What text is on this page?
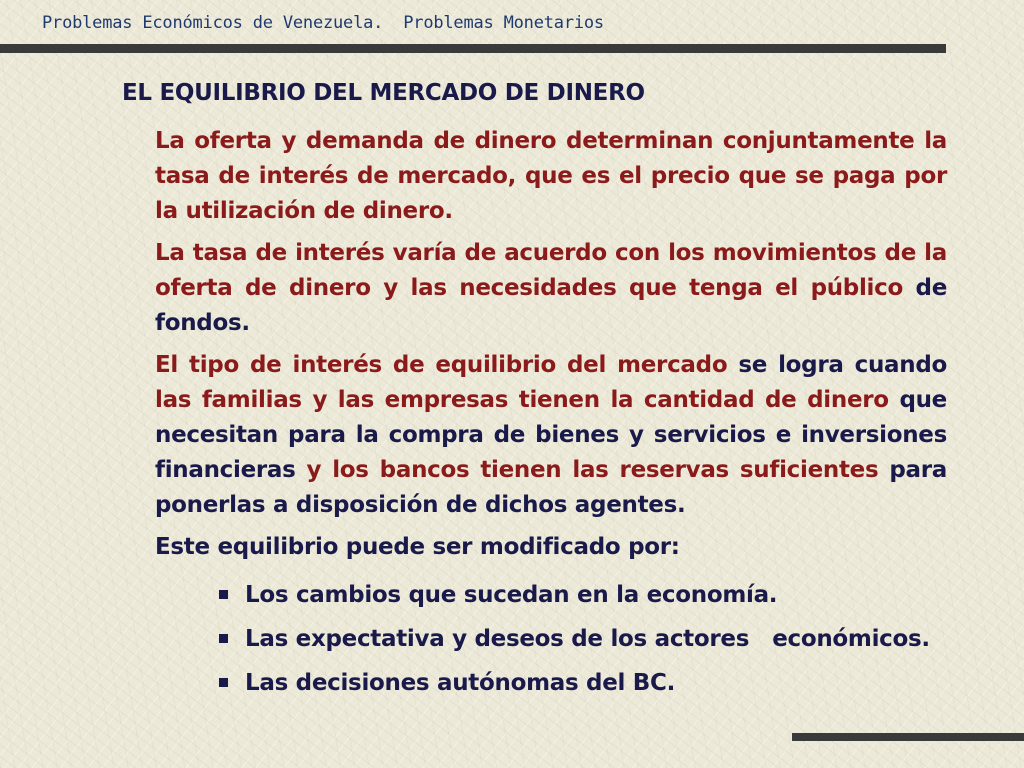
Problemas Económicos de Venezuela.  Problemas Monetarios
EL EQUILIBRIO DEL MERCADO DE DINERO

La oferta y demanda de dinero determinan conjuntamente la tasa de interés de mercado, que es el precio que se paga por la utilización de dinero.

La tasa de interés varía de acuerdo con los movimientos de la oferta de dinero y las necesidades que tenga el público de fondos.

El tipo de interés de equilibrio del mercado se logra cuando las familias y las empresas tienen la cantidad de dinero que necesitan para la compra de bienes y servicios e inversiones financieras y los bancos tienen las reservas suficientes para ponerlas a disposición de dichos agentes.

Este equilibrio puede ser modificado por:

Los cambios que sucedan en la economía.
Las expectativa y deseos de los actores   económicos.
Las decisiones autónomas del BC.
